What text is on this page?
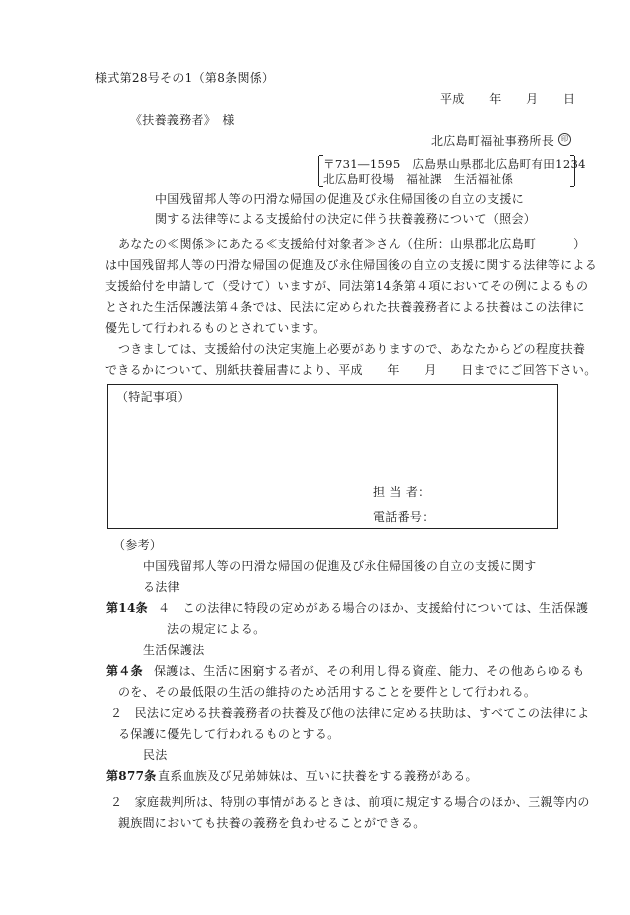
様式第28号その1（第8条関係）
平成　　年　　月　　日
《扶養義務者》　様
北広島町福祉事務所長 印
〒731―1595　広島県山県郡北広島町有田1234
北広島町役場　福祉課　生活福祉係
中国残留邦人等の円滑な帰国の促進及び永住帰国後の自立の支援に
関する法律等による支援給付の決定に伴う扶養義務について（照会）
あなたの≪関係≫にあたる≪支援給付対象者≫さん（住所：山県郡北広島町　　　）
は中国残留邦人等の円滑な帰国の促進及び永住帰国後の自立の支援に関する法律等による
支援給付を申請して（受けて）いますが、同法第14条第４項においてその例によるもの
とされた生活保護法第４条では、民法に定められた扶養義務者による扶養はこの法律に
優先して行われるものとされています。
つきましては、支援給付の決定実施上必要がありますので、あなたからどの程度扶養
できるかについて、別紙扶養届書により、平成　　年　　月　　日までにご回答下さい。
（特記事項）
担 当 者：
電話番号：
（参考）
中国残留邦人等の円滑な帰国の促進及び永住帰国後の自立の支援に関す
る法律
第14条 ４　この法律に特段の定めがある場合のほか、支援給付については、生活保護
法の規定による。
生活保護法
第４条 保護は、生活に困窮する者が、その利用し得る資産、能力、その他あらゆるも
のを、その最低限の生活の維持のため活用することを要件として行われる。
２　民法に定める扶養義務者の扶養及び他の法律に定める扶助は、すべてこの法律によ
る保護に優先して行われるものとする。
民法
第877条 直系血族及び兄弟姉妹は、互いに扶養をする義務がある。
２　家庭裁判所は、特別の事情があるときは、前項に規定する場合のほか、三親等内の
親族間においても扶養の義務を負わせることができる。
